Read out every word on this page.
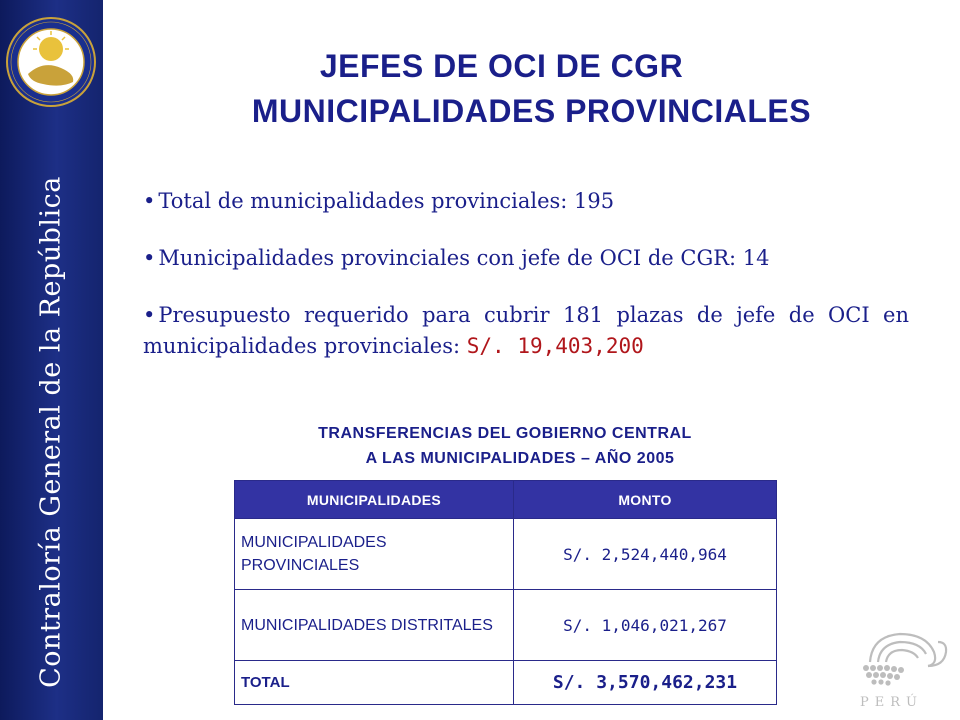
Contraloría General de la República
JEFES DE OCI DE CGR
MUNICIPALIDADES PROVINCIALES
• Total de municipalidades provinciales: 195
• Municipalidades provinciales con jefe de OCI de CGR: 14
• Presupuesto requerido para cubrir 181 plazas de jefe de OCI en municipalidades provinciales: S/. 19,403,200
TRANSFERENCIAS DEL GOBIERNO CENTRAL
A LAS MUNICIPALIDADES – AÑO 2005
MUNICIPALIDADES	MONTO
MUNICIPALIDADES PROVINCIALES	S/. 2,524,440,964
MUNICIPALIDADES DISTRITALES	S/. 1,046,021,267
TOTAL	S/. 3,570,462,231
PERÚ
